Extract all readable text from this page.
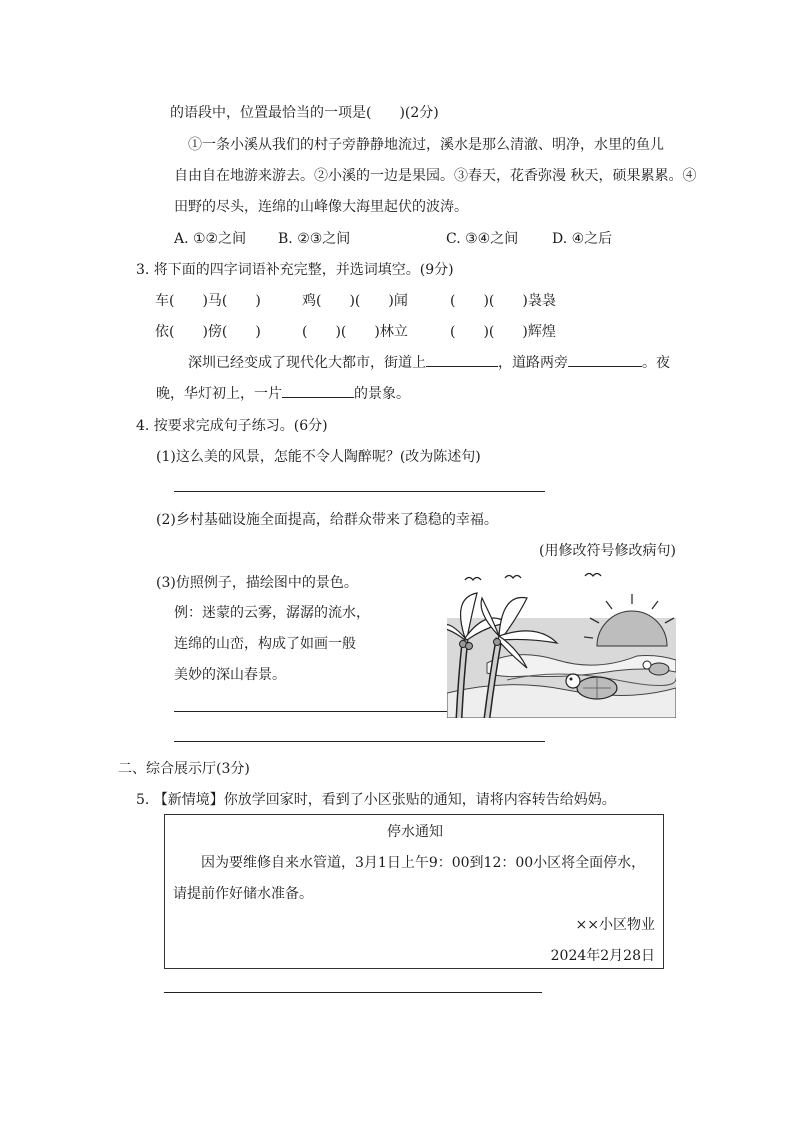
的语段中，位置最恰当的一项是(　　)(2分)
①一条小溪从我们的村子旁静静地流过，溪水是那么清澈、明净，水里的鱼儿
自由自在地游来游去。②小溪的一边是果园。③春天，花香弥漫 秋天，硕果累累。④
田野的尽头，连绵的山峰像大海里起伏的波涛。
A. ①②之间 B. ②③之间	C. ③④之间 D. ④之后
3. 将下面的四字词语补充完整，并选词填空。(9分)
车(　　)马(　　)	鸡(　　)(　　)闻	(　　)(　　)袅袅
依(　　)傍(　　)	(　　)(　　)林立	(　　)(　　)辉煌
深圳已经变成了现代化大都市，街道上	，道路两旁	。夜
晚，华灯初上，一片	的景象。
4. 按要求完成句子练习。(6分)
(1)这么美的风景，怎能不令人陶醉呢？(改为陈述句)
(2)乡村基础设施全面提高，给群众带来了稳稳的幸福。
(用修改符号修改病句)
(3)仿照例子，描绘图中的景色。
例：迷蒙的云雾，潺潺的流水，
连绵的山峦，构成了如画一般
美妙的深山春景。
二、综合展示厅(3分)
5. 【新情境】你放学回家时，看到了小区张贴的通知，请将内容转告给妈妈。
停水通知
因为要维修自来水管道，3月1日上午9：00到12：00小区将全面停水，
请提前作好储水准备。
××小区物业
2024年2月28日
